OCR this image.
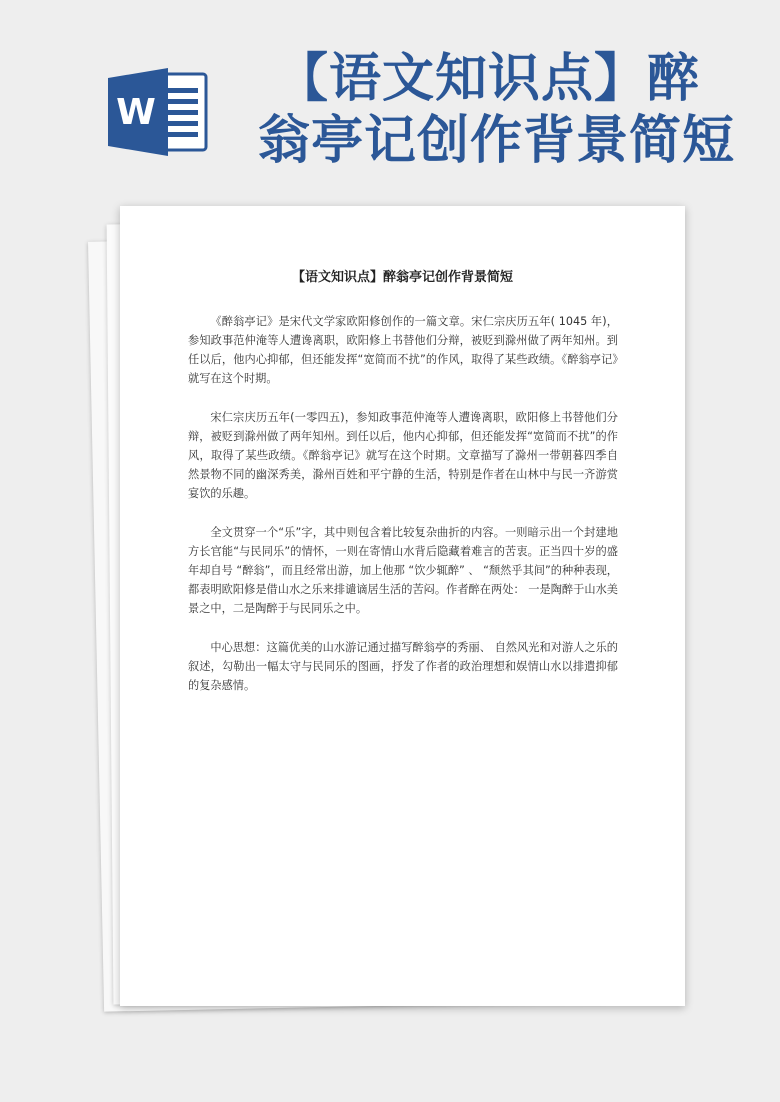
W
【语文知识点】醉
翁亭记创作背景简短
【语文知识点】醉翁亭记创作背景简短

《醉翁亭记》是宋代文学家欧阳修创作的一篇文章。宋仁宗庆历五年( 1045 年)，参知政事范仲淹等人遭谗离职，欧阳修上书替他们分辩，被贬到滁州做了两年知州。到任以后，他内心抑郁，但还能发挥“宽简而不扰”的作风，取得了某些政绩。《醉翁亭记》就写在这个时期。

宋仁宗庆历五年(一零四五)，参知政事范仲淹等人遭谗离职，欧阳修上书替他们分辩，被贬到滁州做了两年知州。到任以后，他内心抑郁，但还能发挥“宽简而不扰”的作风，取得了某些政绩。《醉翁亭记》就写在这个时期。文章描写了滁州一带朝暮四季自然景物不同的幽深秀美，滁州百姓和平宁静的生活，特别是作者在山林中与民一齐游赏宴饮的乐趣。

全文贯穿一个“乐”字，其中则包含着比较复杂曲折的内容。一则暗示出一个封建地方长官能“与民同乐”的情怀，一则在寄情山水背后隐藏着难言的苦衷。正当四十岁的盛年却自号 “醉翁”，而且经常出游，加上他那 “饮少辄醉” 、 “颓然乎其间”的种种表现，都表明欧阳修是借山水之乐来排谴谪居生活的苦闷。作者醉在两处： 一是陶醉于山水美景之中，二是陶醉于与民同乐之中。

中心思想：这篇优美的山水游记通过描写醉翁亭的秀丽、 自然风光和对游人之乐的叙述，勾勒出一幅太守与民同乐的图画，抒发了作者的政治理想和娱情山水以排遣抑郁的复杂感情。
